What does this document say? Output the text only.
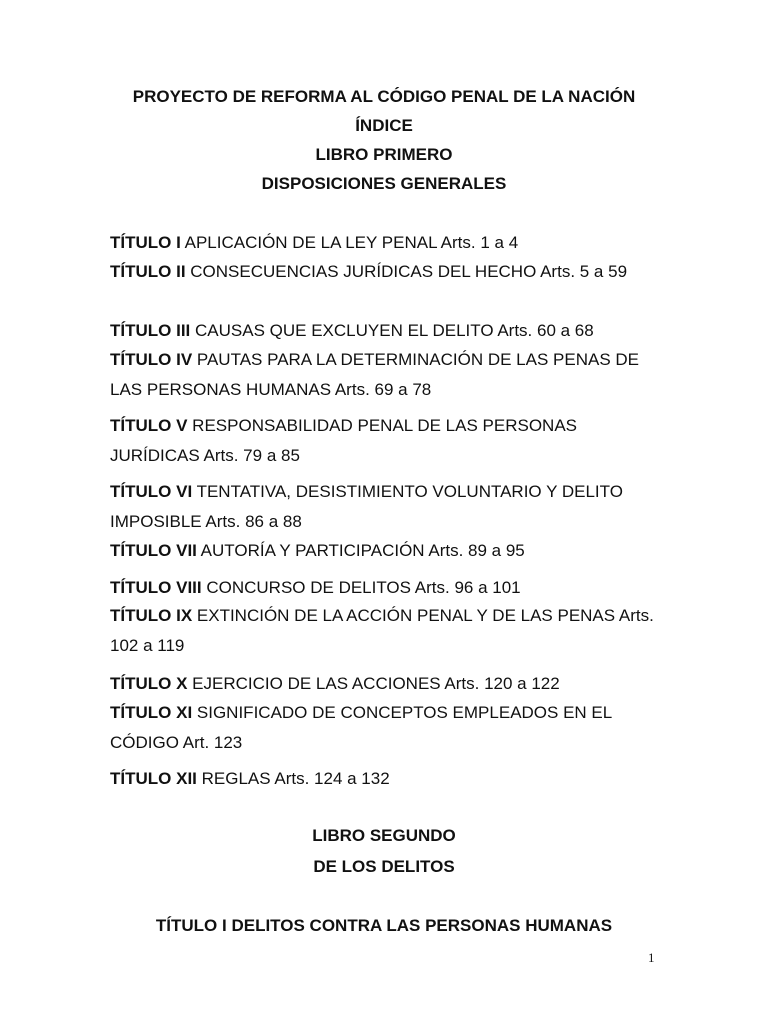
PROYECTO DE REFORMA AL CÓDIGO PENAL DE LA NACIÓN
ÍNDICE
LIBRO PRIMERO
DISPOSICIONES GENERALES
TÍTULO I APLICACIÓN DE LA LEY PENAL Arts. 1 a 4
TÍTULO II CONSECUENCIAS JURÍDICAS DEL HECHO Arts. 5 a 59
TÍTULO III CAUSAS QUE EXCLUYEN EL DELITO Arts. 60 a 68
TÍTULO IV PAUTAS PARA LA DETERMINACIÓN DE LAS PENAS DE LAS PERSONAS HUMANAS Arts. 69 a 78
TÍTULO V RESPONSABILIDAD PENAL DE LAS PERSONAS JURÍDICAS Arts. 79 a 85
TÍTULO VI TENTATIVA, DESISTIMIENTO VOLUNTARIO Y DELITO IMPOSIBLE Arts. 86 a 88
TÍTULO VII AUTORÍA Y PARTICIPACIÓN Arts. 89 a 95
TÍTULO VIII CONCURSO DE DELITOS Arts. 96 a 101
TÍTULO IX EXTINCIÓN DE LA ACCIÓN PENAL Y DE LAS PENAS Arts. 102 a 119
TÍTULO X EJERCICIO DE LAS ACCIONES Arts. 120 a 122
TÍTULO XI SIGNIFICADO DE CONCEPTOS EMPLEADOS EN EL CÓDIGO Art. 123
TÍTULO XII REGLAS Arts. 124 a 132
LIBRO SEGUNDO
DE LOS DELITOS
TÍTULO I DELITOS CONTRA LAS PERSONAS HUMANAS
1
